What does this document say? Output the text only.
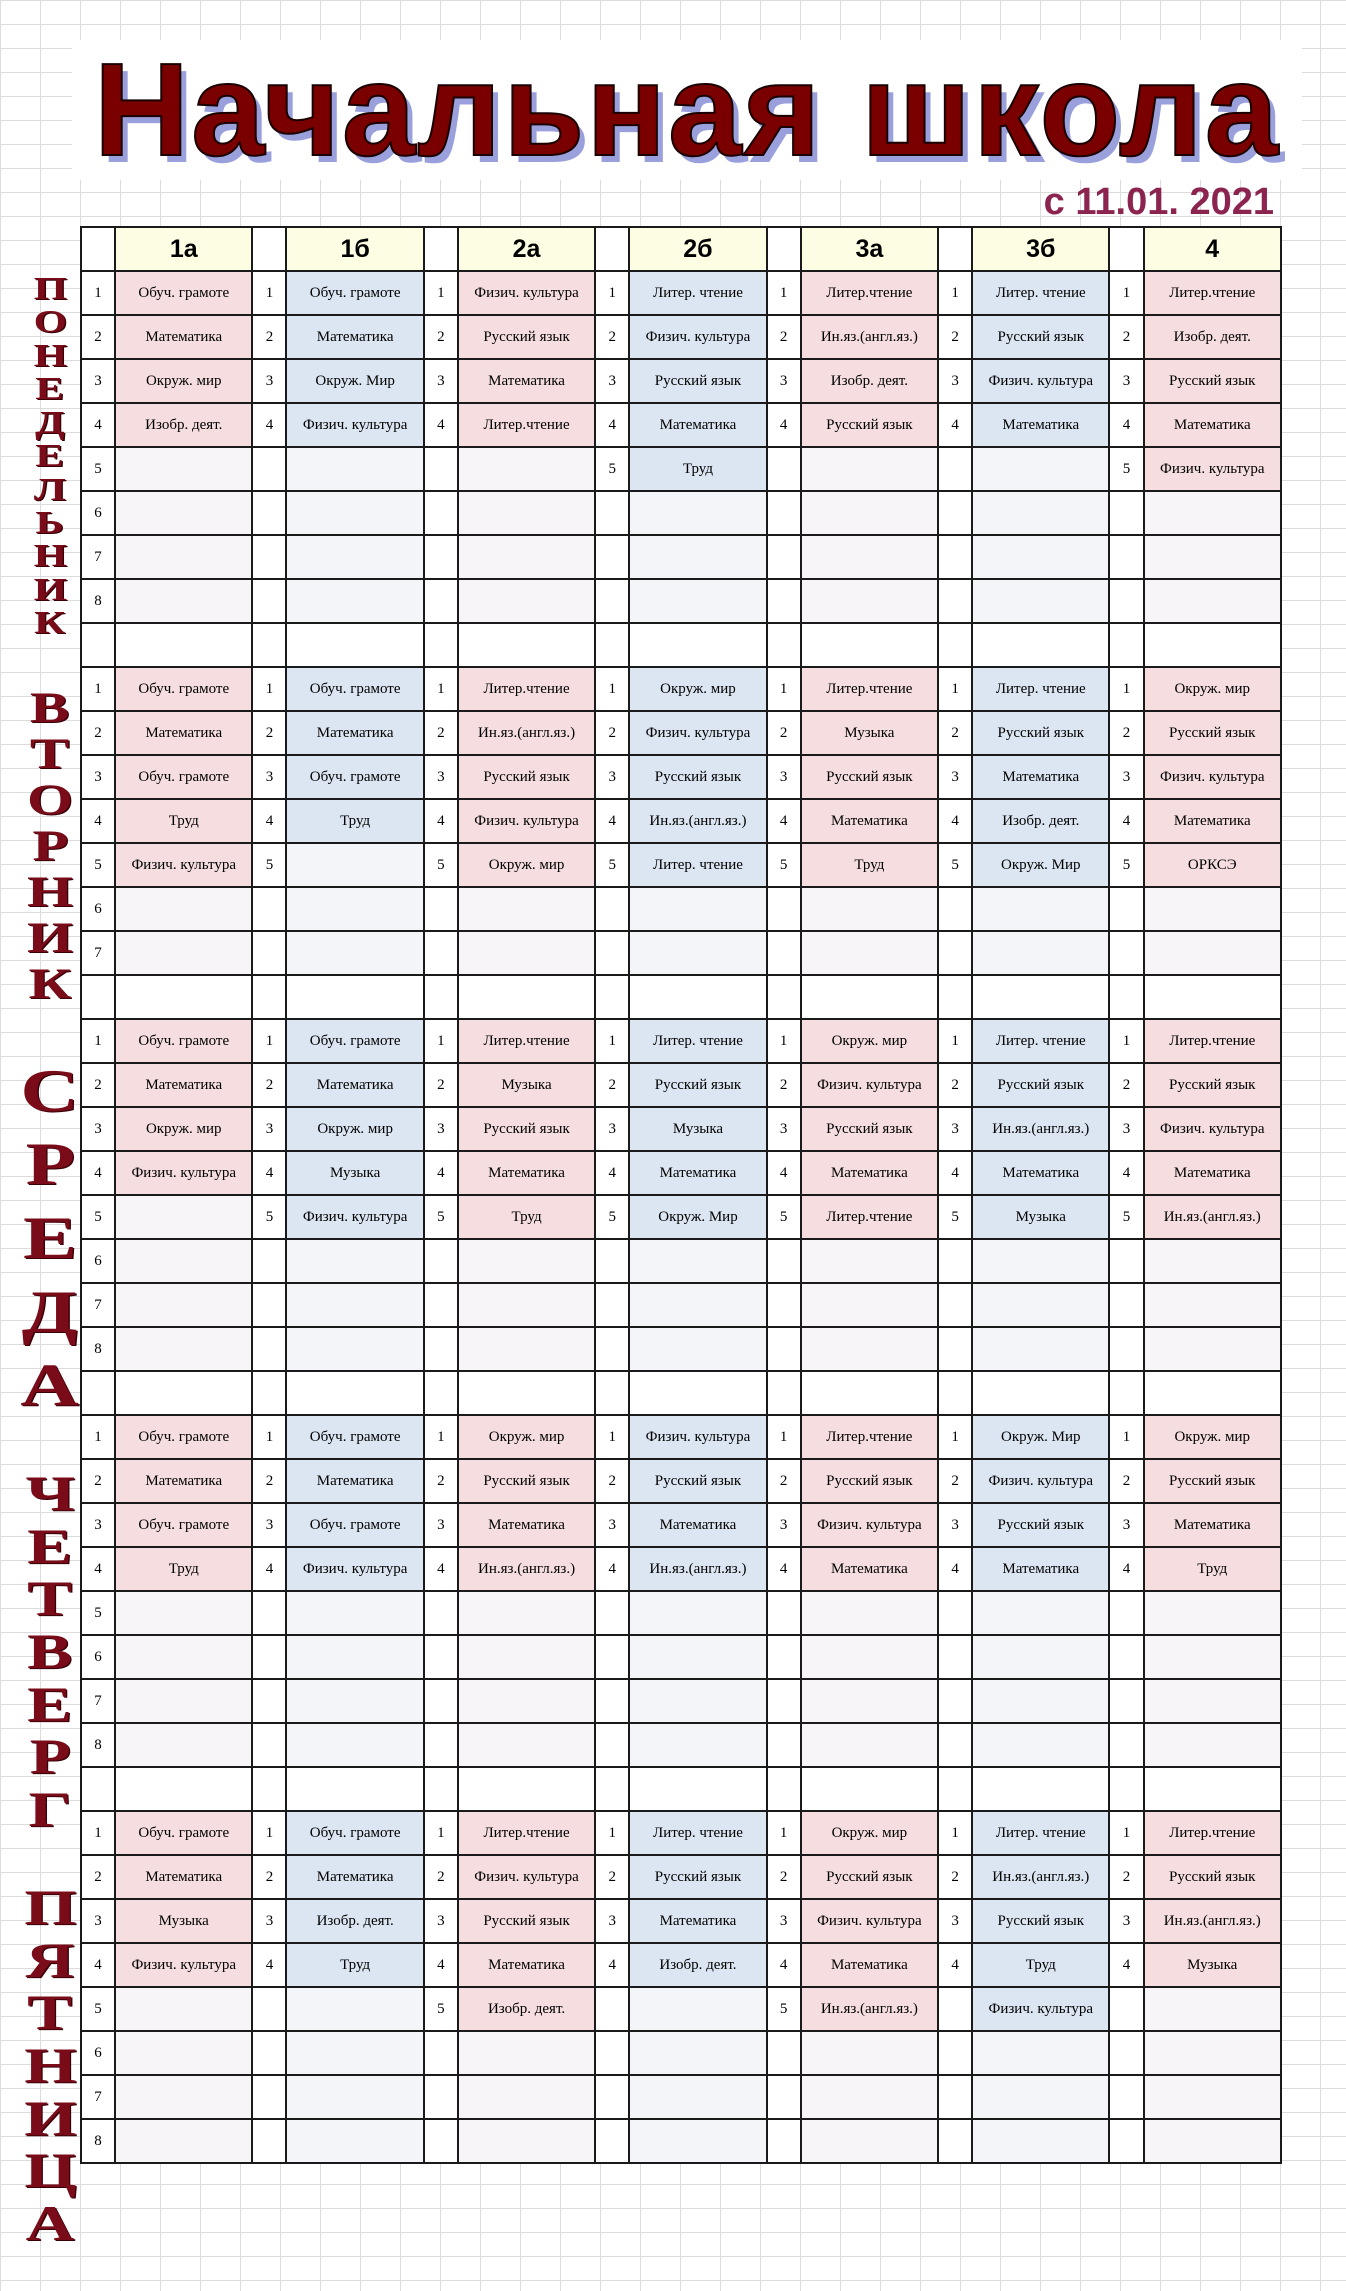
Начальная школа
с 11.01. 2021
	1а		1б		2а		2б		3а		3б		4
1	Обуч. грамоте	1	Обуч. грамоте	1	Физич. культура	1	Литер. чтение	1	Литер.чтение	1	Литер. чтение	1	Литер.чтение
2	Математика	2	Математика	2	Русский язык	2	Физич. культура	2	Ин.яз.(англ.яз.)	2	Русский язык	2	Изобр. деят.
3	Окруж. мир	3	Окруж. Мир	3	Математика	3	Русский язык	3	Изобр. деят.	3	Физич. культура	3	Русский язык
4	Изобр. деят.	4	Физич. культура	4	Литер.чтение	4	Математика	4	Русский язык	4	Математика	4	Математика
5						5	Труд					5	Физич. культура
6													
7													
8													

1	Обуч. грамоте	1	Обуч. грамоте	1	Литер.чтение	1	Окруж. мир	1	Литер.чтение	1	Литер. чтение	1	Окруж. мир
2	Математика	2	Математика	2	Ин.яз.(англ.яз.)	2	Физич. культура	2	Музыка	2	Русский язык	2	Русский язык
3	Обуч. грамоте	3	Обуч. грамоте	3	Русский язык	3	Русский язык	3	Русский язык	3	Математика	3	Физич. культура
4	Труд	4	Труд	4	Физич. культура	4	Ин.яз.(англ.яз.)	4	Математика	4	Изобр. деят.	4	Математика
5	Физич. культура	5		5	Окруж. мир	5	Литер. чтение	5	Труд	5	Окруж. Мир	5	ОРКСЭ
6													
7													

1	Обуч. грамоте	1	Обуч. грамоте	1	Литер.чтение	1	Литер. чтение	1	Окруж. мир	1	Литер. чтение	1	Литер.чтение
2	Математика	2	Математика	2	Музыка	2	Русский язык	2	Физич. культура	2	Русский язык	2	Русский язык
3	Окруж. мир	3	Окруж. мир	3	Русский язык	3	Музыка	3	Русский язык	3	Ин.яз.(англ.яз.)	3	Физич. культура
4	Физич. культура	4	Музыка	4	Математика	4	Математика	4	Математика	4	Математика	4	Математика
5		5	Физич. культура	5	Труд	5	Окруж. Мир	5	Литер.чтение	5	Музыка	5	Ин.яз.(англ.яз.)
6													
7													
8													

1	Обуч. грамоте	1	Обуч. грамоте	1	Окруж. мир	1	Физич. культура	1	Литер.чтение	1	Окруж. Мир	1	Окруж. мир
2	Математика	2	Математика	2	Русский язык	2	Русский язык	2	Русский язык	2	Физич. культура	2	Русский язык
3	Обуч. грамоте	3	Обуч. грамоте	3	Математика	3	Математика	3	Физич. культура	3	Русский язык	3	Математика
4	Труд	4	Физич. культура	4	Ин.яз.(англ.яз.)	4	Ин.яз.(англ.яз.)	4	Математика	4	Математика	4	Труд
5													
6													
7													
8													

1	Обуч. грамоте	1	Обуч. грамоте	1	Литер.чтение	1	Литер. чтение	1	Окруж. мир	1	Литер. чтение	1	Литер.чтение
2	Математика	2	Математика	2	Физич. культура	2	Русский язык	2	Русский язык	2	Ин.яз.(англ.яз.)	2	Русский язык
3	Музыка	3	Изобр. деят.	3	Русский язык	3	Математика	3	Физич. культура	3	Русский язык	3	Ин.яз.(англ.яз.)
4	Физич. культура	4	Труд	4	Математика	4	Изобр. деят.	4	Математика	4	Труд	4	Музыка
5				5	Изобр. деят.			5	Ин.яз.(англ.яз.)		Физич. культура		
6													
7													
8													
П
О
Н
Е
Д
Е
Л
Ь
Н
И
К
В
Т
О
Р
Н
И
К
С
Р
Е
Д
А
Ч
Е
Т
В
Е
Р
Г
П
Я
Т
Н
И
Ц
А
